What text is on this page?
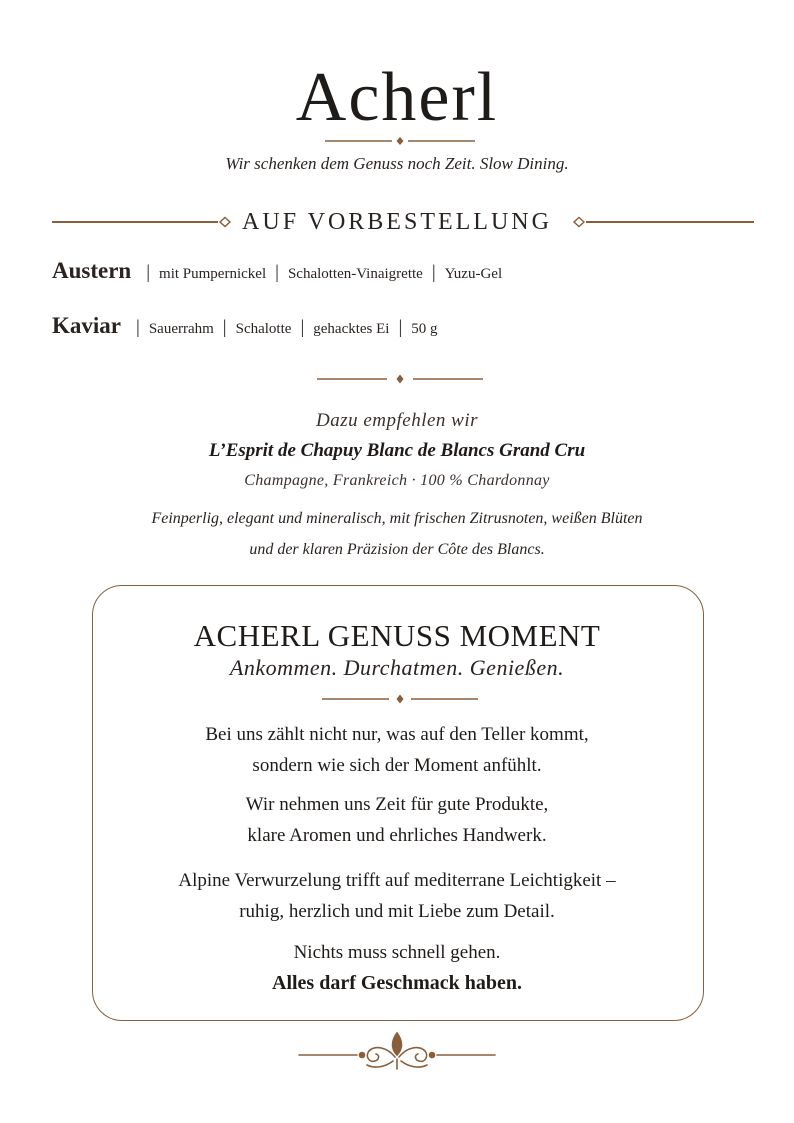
Acherl
Wir schenken dem Genuss noch Zeit. Slow Dining.
AUF VORBESTELLUNG
Austern | mit Pumpernickel | Schalotten-Vinaigrette | Yuzu-Gel
Kaviar | Sauerrahm | Schalotte | gehacktes Ei | 50 g
Dazu empfehlen wir
L’Esprit de Chapuy Blanc de Blancs Grand Cru
Champagne, Frankreich · 100 % Chardonnay
Feinperlig, elegant und mineralisch, mit frischen Zitrusnoten, weißen Blüten
und der klaren Präzision der Côte des Blancs.
ACHERL GENUSS MOMENT
Ankommen. Durchatmen. Genießen.
Bei uns zählt nicht nur, was auf den Teller kommt,
sondern wie sich der Moment anfühlt.
Wir nehmen uns Zeit für gute Produkte,
klare Aromen und ehrliches Handwerk.
Alpine Verwurzelung trifft auf mediterrane Leichtigkeit –
ruhig, herzlich und mit Liebe zum Detail.
Nichts muss schnell gehen.
Alles darf Geschmack haben.
